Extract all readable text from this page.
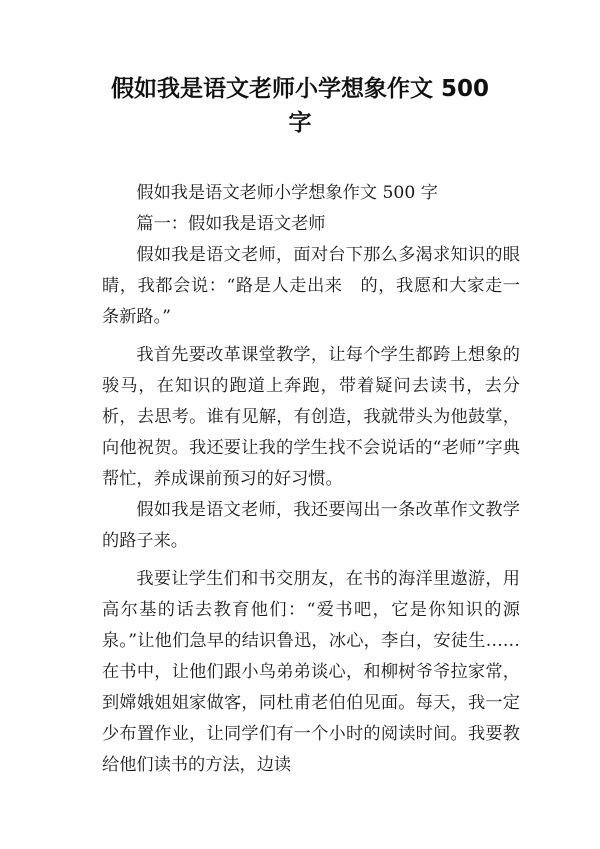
假如我是语文老师小学想象作文 500
字

假如我是语文老师小学想象作文 500 字

篇一：假如我是语文老师

假如我是语文老师，面对台下那么多渴求知识的眼睛，我都会说：“路是人走出来　的，我愿和大家走一条新路。”

我首先要改革课堂教学，让每个学生都跨上想象的骏马，在知识的跑道上奔跑，带着疑问去读书，去分析，去思考。谁有见解，有创造，我就带头为他鼓掌，向他祝贺。我还要让我的学生找不会说话的“老师”字典帮忙，养成课前预习的好习惯。

假如我是语文老师，我还要闯出一条改革作文教学的路子来。

我要让学生们和书交朋友，在书的海洋里遨游，用高尔基的话去教育他们：“爱书吧，它是你知识的源泉。”让他们急早的结识鲁迅，冰心，李白，安徒生……在书中，让他们跟小鸟弟弟谈心，和柳树爷爷拉家常，到嫦娥姐姐家做客，同杜甫老伯伯见面。每天，我一定少布置作业，让同学们有一个小时的阅读时间。我要教给他们读书的方法，边读
